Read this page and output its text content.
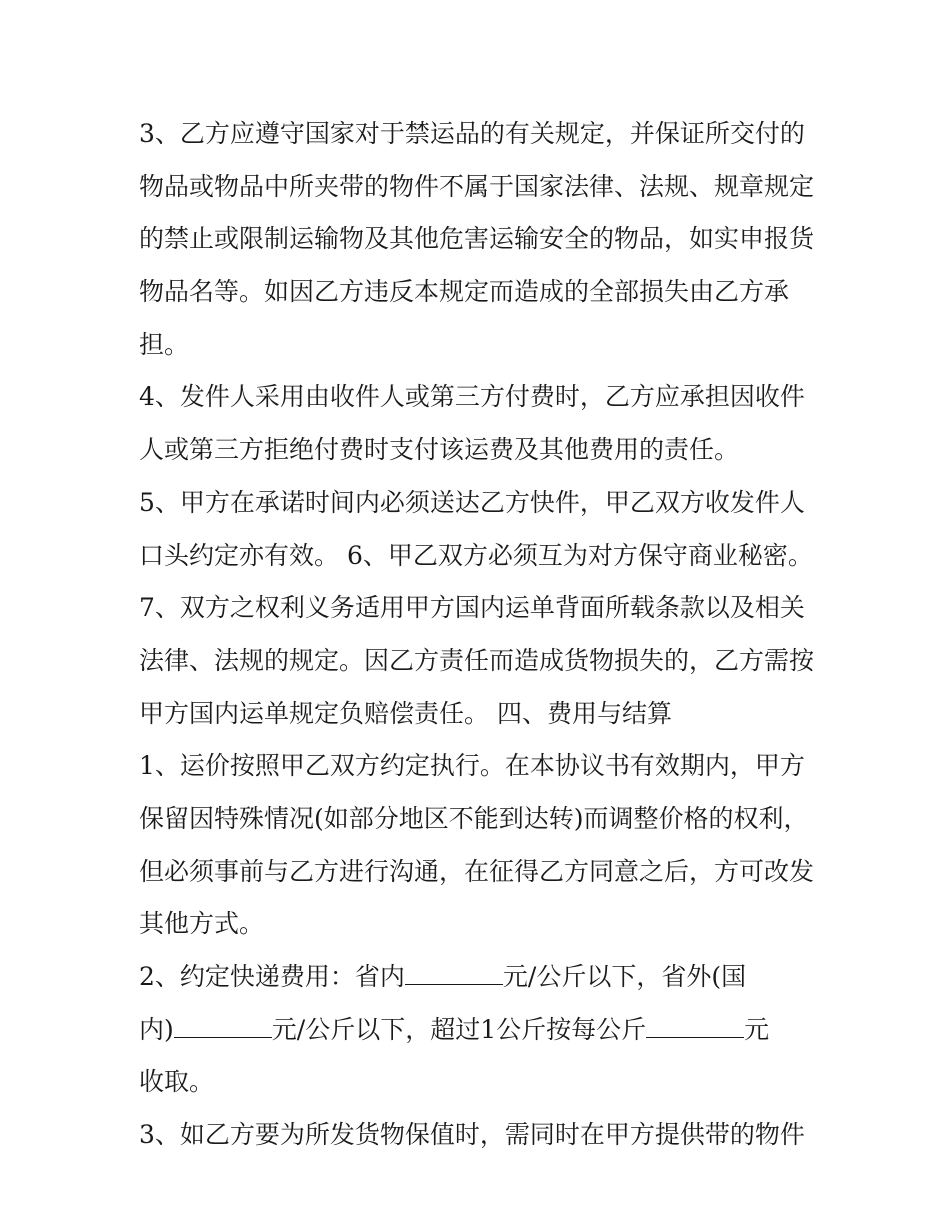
3、乙方应遵守国家对于禁运品的有关规定，并保证所交付的
物品或物品中所夹带的物件不属于国家法律、法规、规章规定
的禁止或限制运输物及其他危害运输安全的物品，如实申报货
物品名等。如因乙方违反本规定而造成的全部损失由乙方承
担。
4、发件人采用由收件人或第三方付费时，乙方应承担因收件
人或第三方拒绝付费时支付该运费及其他费用的责任。
5、甲方在承诺时间内必须送达乙方快件，甲乙双方收发件人
口头约定亦有效。 6、甲乙双方必须互为对方保守商业秘密。
7、双方之权利义务适用甲方国内运单背面所载条款以及相关
法律、法规的规定。因乙方责任而造成货物损失的，乙方需按
甲方国内运单规定负赔偿责任。 四、费用与结算
1、运价按照甲乙双方约定执行。在本协议书有效期内，甲方
保留因特殊情况(如部分地区不能到达转)而调整价格的权利，
但必须事前与乙方进行沟通，在征得乙方同意之后，方可改发
其他方式。
2、约定快递费用：省内	元/公斤以下，省外(国
内)	元/公斤以下，超过1公斤按每公斤	元
收取。
3、如乙方要为所发货物保值时，需同时在甲方提供带的物件
